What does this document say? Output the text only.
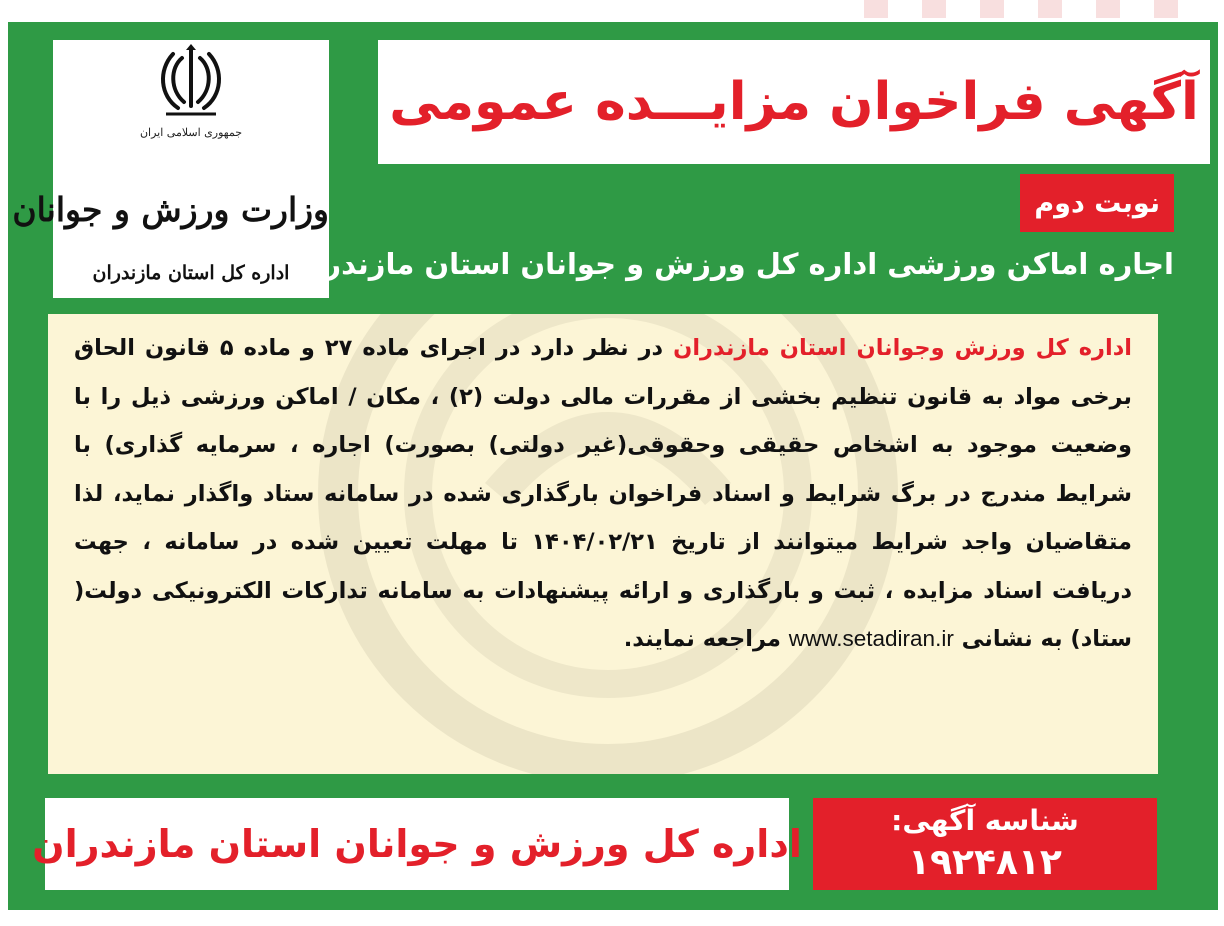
جمهوری اسلامی ایران
وزارت ورزش و جوانان
اداره کل استان مازندران
آگهی فراخوان مزایـــده عمومی
نوبت دوم
اجاره اماکن ورزشی اداره کل ورزش و جوانان استان مازندران
اداره کل ورزش وجوانان استان مازندران در نظر دارد در اجرای ماده ۲۷ و ماده ۵ قانون الحاق برخی مواد به قانون تنظیم بخشی از مقررات مالی دولت (۲) ، مکان / اماکن ورزشی ذیل را با وضعیت موجود به اشخاص حقیقی وحقوقی(غیر دولتی) بصورت) اجاره ، سرمایه گذاری) با شرایط مندرج در برگ شرایط و اسناد فراخوان بارگذاری شده در سامانه ستاد واگذار نماید، لذا متقاضیان واجد شرایط میتوانند از تاریخ ۱۴۰۴/۰۲/۲۱ تا مهلت تعیین شده در سامانه ، جهت دریافت اسناد مزایده ، ثبت و بارگذاری و ارائه پیشنهادات به سامانه تدارکات الکترونیکی دولت( ستاد) به نشانی www.setadiran.ir مراجعه نمایند.
اداره کل ورزش و جوانان استان مازندران
شناسه آگهی:
۱۹۲۴۸۱۲
